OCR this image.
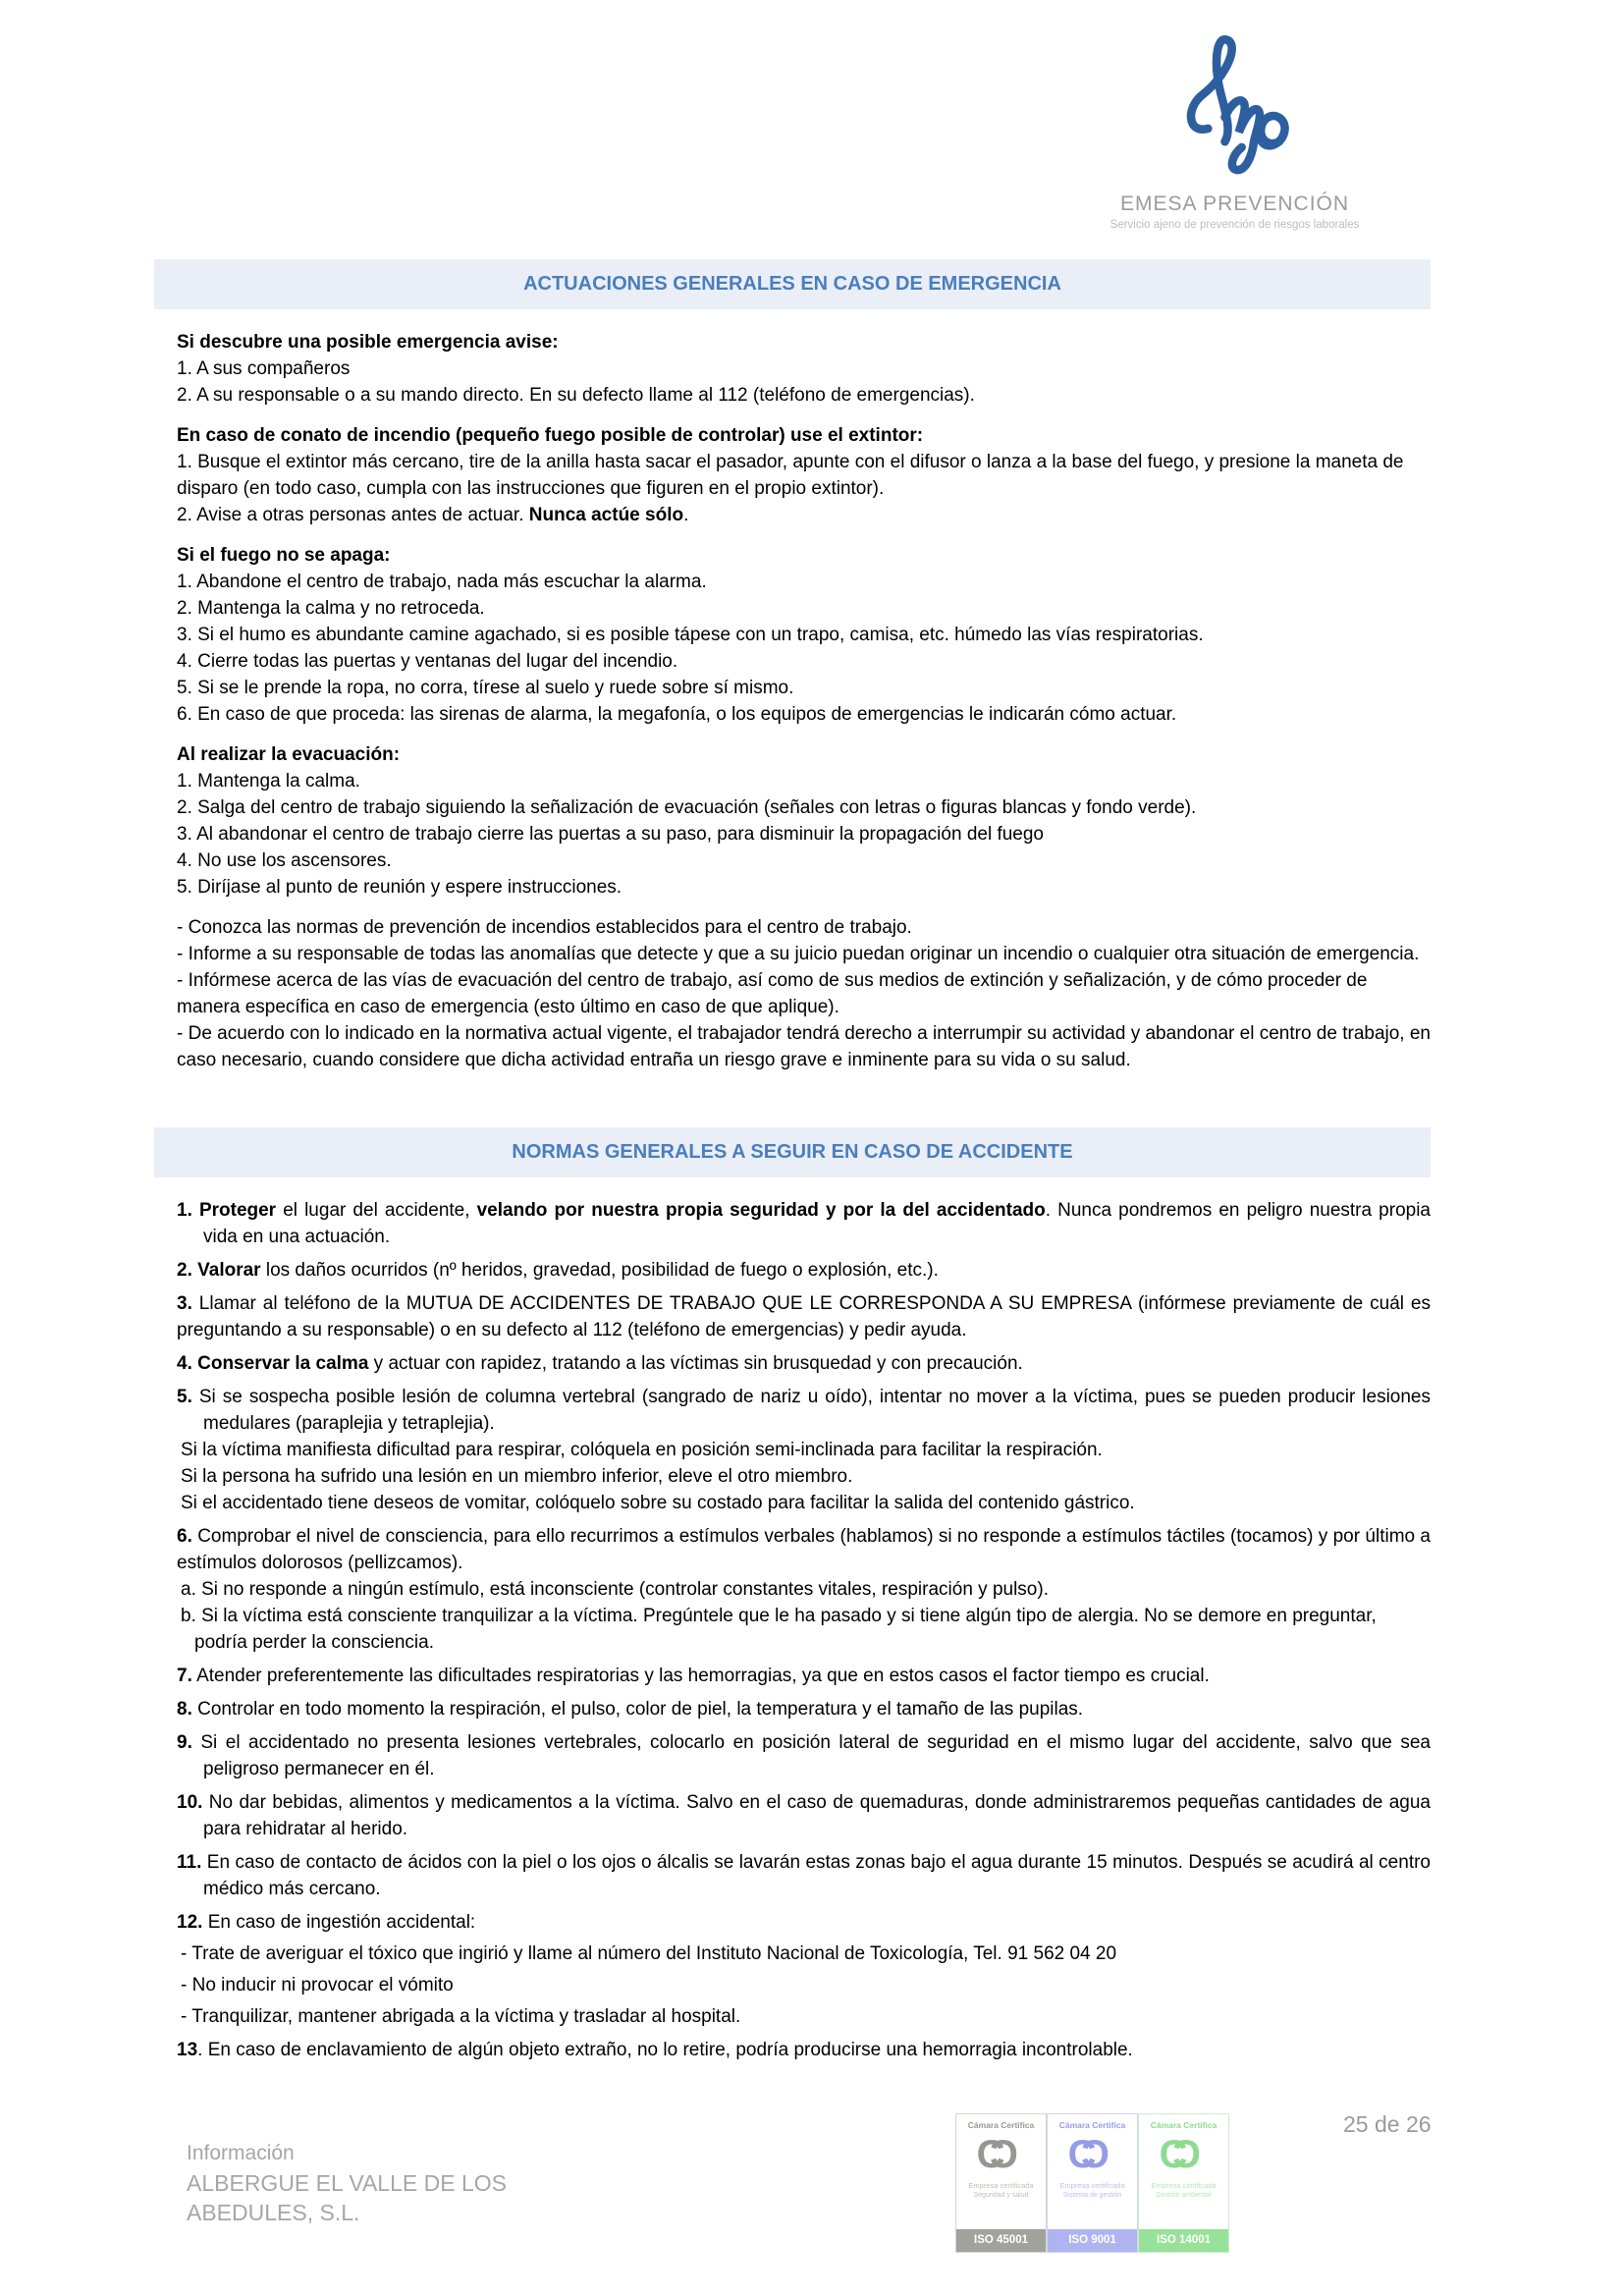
EMESA PREVENCIÓN
Servicio ajeno de prevención de riesgos laborales
ACTUACIONES GENERALES EN CASO DE EMERGENCIA
Si descubre una posible emergencia avise:
1. A sus compañeros
2. A su responsable o a su mando directo. En su defecto llame al 112 (teléfono de emergencias).
En caso de conato de incendio (pequeño fuego posible de controlar) use el extintor:
1. Busque el extintor más cercano, tire de la anilla hasta sacar el pasador, apunte con el difusor o lanza a la base del fuego, y presione la maneta de disparo (en todo caso, cumpla con las instrucciones que figuren en el propio extintor).
2. Avise a otras personas antes de actuar. Nunca actúe sólo.
Si el fuego no se apaga:
1. Abandone el centro de trabajo, nada más escuchar la alarma.
2. Mantenga la calma y no retroceda.
3. Si el humo es abundante camine agachado, si es posible tápese con un trapo, camisa, etc. húmedo las vías respiratorias.
4. Cierre todas las puertas y ventanas del lugar del incendio.
5. Si se le prende la ropa, no corra, tírese al suelo y ruede sobre sí mismo.
6. En caso de que proceda: las sirenas de alarma, la megafonía, o los equipos de emergencias le indicarán cómo actuar.
Al realizar la evacuación:
1. Mantenga la calma.
2. Salga del centro de trabajo siguiendo la señalización de evacuación (señales con letras o figuras blancas y fondo verde).
3. Al abandonar el centro de trabajo cierre las puertas a su paso, para disminuir la propagación del fuego
4. No use los ascensores.
5. Diríjase al punto de reunión y espere instrucciones.
- Conozca las normas de prevención de incendios establecidos para el centro de trabajo.
- Informe a su responsable de todas las anomalías que detecte y que a su juicio puedan originar un incendio o cualquier otra situación de emergencia.
- Infórmese acerca de las vías de evacuación del centro de trabajo, así como de sus medios de extinción y señalización, y de cómo proceder de manera específica en caso de emergencia (esto último en caso de que aplique).
- De acuerdo con lo indicado en la normativa actual vigente, el trabajador tendrá derecho a interrumpir su actividad y abandonar el centro de trabajo, en caso necesario, cuando considere que dicha actividad entraña un riesgo grave e inminente para su vida o su salud.
NORMAS GENERALES A SEGUIR EN CASO DE ACCIDENTE
1. Proteger el lugar del accidente, velando por nuestra propia seguridad y por la del accidentado. Nunca pondremos en peligro nuestra propia vida en una actuación.
2. Valorar los daños ocurridos (nº heridos, gravedad, posibilidad de fuego o explosión, etc.).
3. Llamar al teléfono de la MUTUA DE ACCIDENTES DE TRABAJO QUE LE CORRESPONDA A SU EMPRESA (infórmese previamente de cuál es preguntando a su responsable) o en su defecto al 112 (teléfono de emergencias) y pedir ayuda.
4. Conservar la calma y actuar con rapidez, tratando a las víctimas sin brusquedad y con precaución.
5. Si se sospecha posible lesión de columna vertebral (sangrado de nariz u oído), intentar no mover a la víctima, pues se pueden producir lesiones medulares (paraplejia y tetraplejia).
Si la víctima manifiesta dificultad para respirar, colóquela en posición semi-inclinada para facilitar la respiración.
Si la persona ha sufrido una lesión en un miembro inferior, eleve el otro miembro.
Si el accidentado tiene deseos de vomitar, colóquelo sobre su costado para facilitar la salida del contenido gástrico.
6. Comprobar el nivel de consciencia, para ello recurrimos a estímulos verbales (hablamos) si no responde a estímulos táctiles (tocamos) y por último a estímulos dolorosos (pellizcamos).
a. Si no responde a ningún estímulo, está inconsciente (controlar constantes vitales, respiración y pulso).
b. Si la víctima está consciente tranquilizar a la víctima. Pregúntele que le ha pasado y si tiene algún tipo de alergia. No se demore en preguntar, podría perder la consciencia.
7. Atender preferentemente las dificultades respiratorias y las hemorragias, ya que en estos casos el factor tiempo es crucial.
8. Controlar en todo momento la respiración, el pulso, color de piel, la temperatura y el tamaño de las pupilas.
9. Si el accidentado no presenta lesiones vertebrales, colocarlo en posición lateral de seguridad en el mismo lugar del accidente, salvo que sea peligroso permanecer en él.
10. No dar bebidas, alimentos y medicamentos a la víctima. Salvo en el caso de quemaduras, donde administraremos pequeñas cantidades de agua para rehidratar al herido.
11. En caso de contacto de ácidos con la piel o los ojos o álcalis se lavarán estas zonas bajo el agua durante 15 minutos. Después se acudirá al centro médico más cercano.
12. En caso de ingestión accidental:
- Trate de averiguar el tóxico que ingirió y llame al número del Instituto Nacional de Toxicología, Tel. 91 562 04 20
- No inducir ni provocar el vómito
- Tranquilizar, mantener abrigada a la víctima y trasladar al hospital.
13. En caso de enclavamiento de algún objeto extraño, no lo retire, podría producirse una hemorragia incontrolable.
Información
ALBERGUE EL VALLE DE LOS
ABEDULES, S.L.
Cámara Certifica
CC
Empresa certificada
Seguridad y salud
ISO 45001
Cámara Certifica
CC
Empresa certificada
Sistema de gestión
ISO 9001
Cámara Certifica
CC
Empresa certificada
Gestión ambiental
ISO 14001
25 de 26
